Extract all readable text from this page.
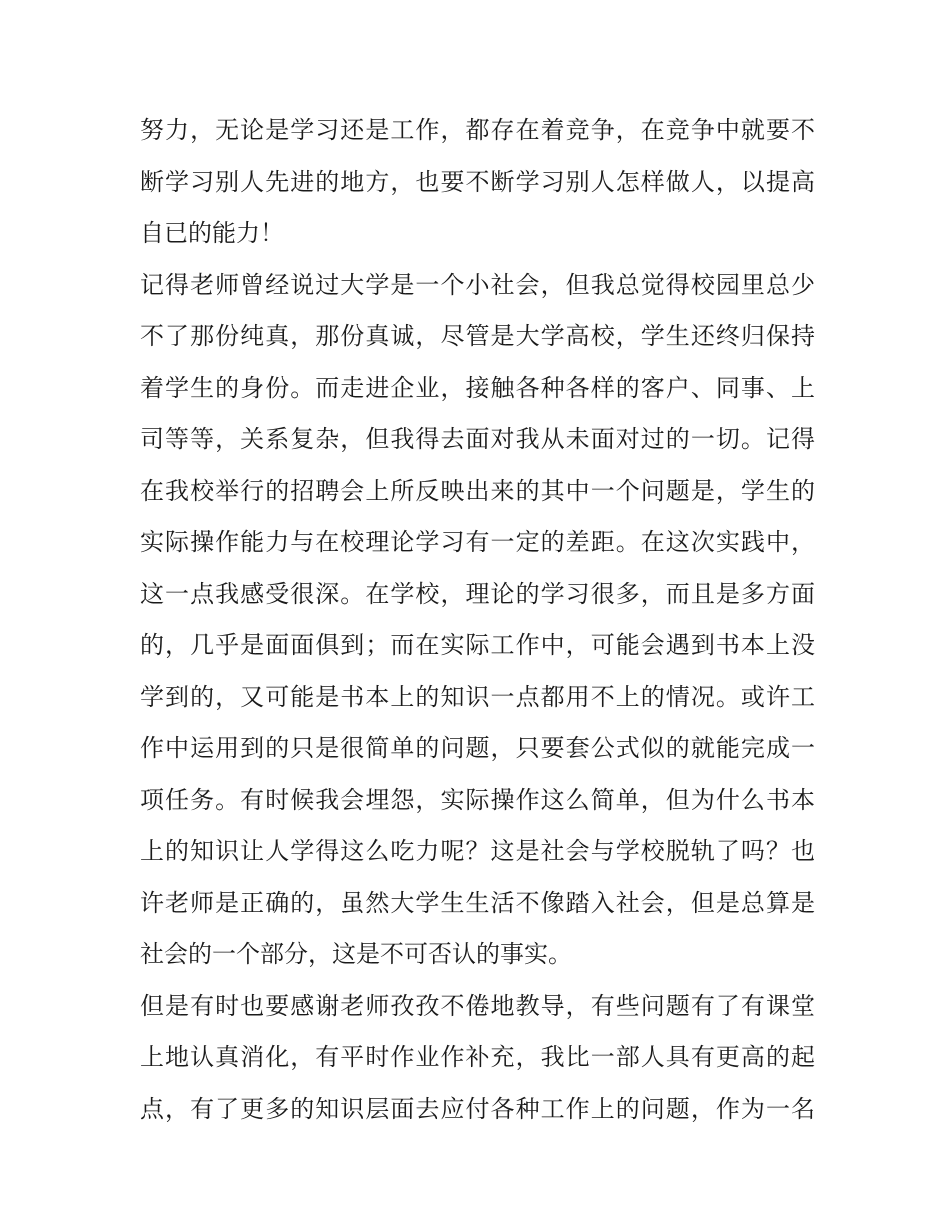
努力，无论是学习还是工作，都存在着竞争，在竞争中就要不
断学习别人先进的地方，也要不断学习别人怎样做人，以提高
自已的能力！
记得老师曾经说过大学是一个小社会，但我总觉得校园里总少
不了那份纯真，那份真诚，尽管是大学高校，学生还终归保持
着学生的身份。而走进企业，接触各种各样的客户、同事、上
司等等，关系复杂，但我得去面对我从未面对过的一切。记得
在我校举行的招聘会上所反映出来的其中一个问题是，学生的
实际操作能力与在校理论学习有一定的差距。在这次实践中，
这一点我感受很深。在学校，理论的学习很多，而且是多方面
的，几乎是面面俱到；而在实际工作中，可能会遇到书本上没
学到的，又可能是书本上的知识一点都用不上的情况。或许工
作中运用到的只是很简单的问题，只要套公式似的就能完成一
项任务。有时候我会埋怨，实际操作这么简单，但为什么书本
上的知识让人学得这么吃力呢？这是社会与学校脱轨了吗？也
许老师是正确的，虽然大学生生活不像踏入社会，但是总算是
社会的一个部分，这是不可否认的事实。
但是有时也要感谢老师孜孜不倦地教导，有些问题有了有课堂
上地认真消化，有平时作业作补充，我比一部人具有更高的起
点，有了更多的知识层面去应付各种工作上的问题，作为一名
